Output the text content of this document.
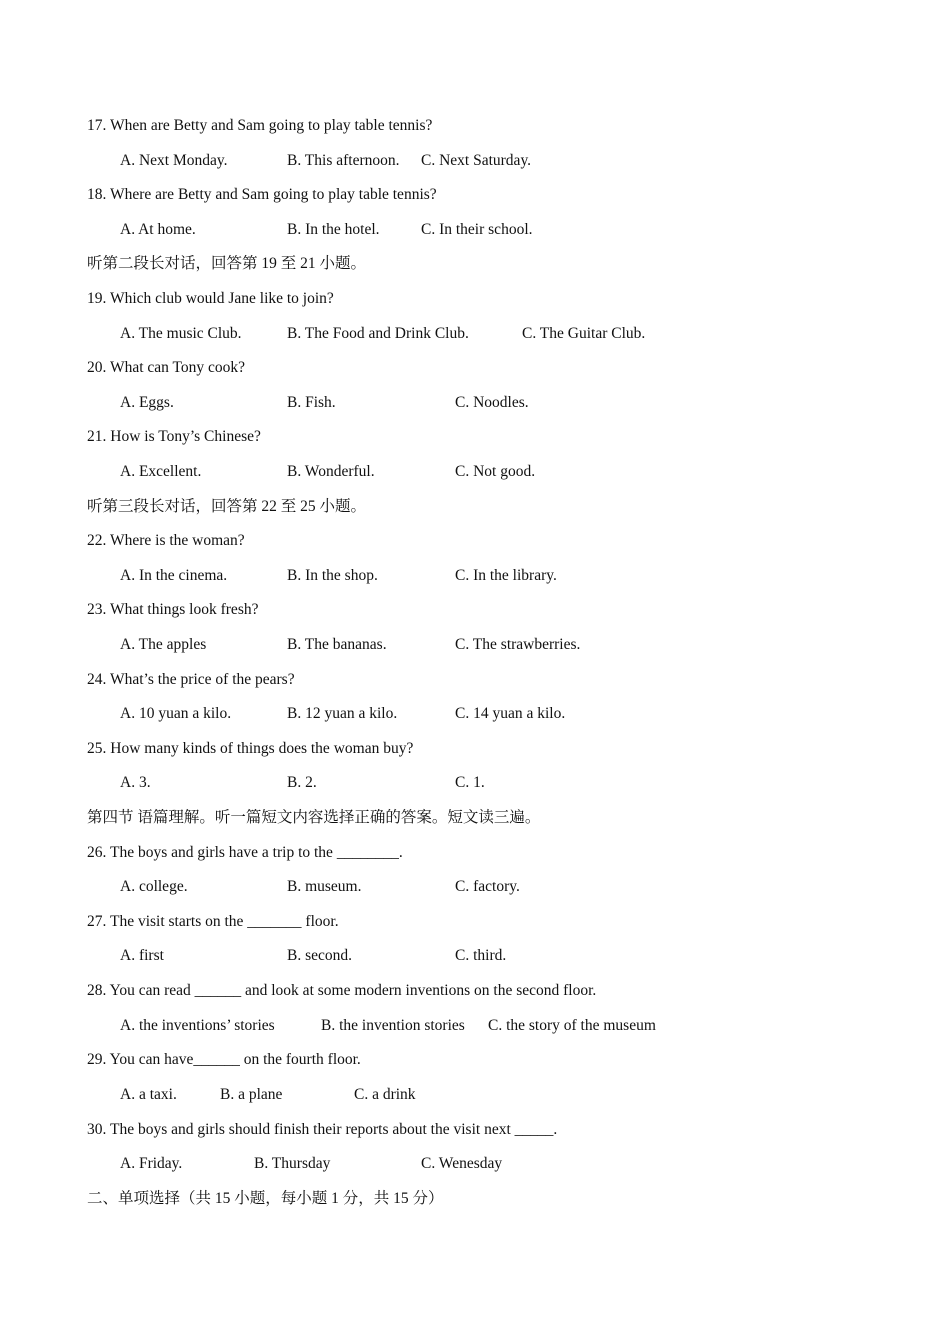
17. When are Betty and Sam going to play table tennis?
A. Next Monday.	B. This afternoon. C. Next Saturday.
18. Where are Betty and Sam going to play table tennis?
A. At home.	B. In the hotel.	C. In their school.
听第二段长对话，回答第 19 至 21 小题。
19. Which club would Jane like to join?
A. The music Club.	B. The Food and Drink Club.	C. The Guitar Club.
20. What can Tony cook?
A. Eggs.	B. Fish.	C. Noodles.
21. How is Tony’s Chinese?
A. Excellent.	B. Wonderful.	C. Not good.
听第三段长对话，回答第 22 至 25 小题。
22. Where is the woman?
A. In the cinema.	B. In the shop.	C. In the library.
23. What things look fresh?
A. The apples	B. The bananas.	C. The strawberries.
24. What’s the price of the pears?
A. 10 yuan a kilo.	B. 12 yuan a kilo.	C. 14 yuan a kilo.
25. How many kinds of things does the woman buy?
A. 3.	B. 2.	C. 1.
第四节 语篇理解。听一篇短文内容选择正确的答案。短文读三遍。
26. The boys and girls have a trip to the ________.
A. college.	B. museum.	C. factory.
27. The visit starts on the _______ floor.
A. first	B. second.	C. third.
28. You can read ______ and look at some modern inventions on the second floor.
A. the inventions’ stories	B. the invention stories C. the story of the museum
29. You can have______ on the fourth floor.
A. a taxi.	B. a plane	C. a drink
30. The boys and girls should finish their reports about the visit next _____.
A. Friday.	B. Thursday	C. Wenesday
二、单项选择（共 15 小题，每小题 1 分，共 15 分）
